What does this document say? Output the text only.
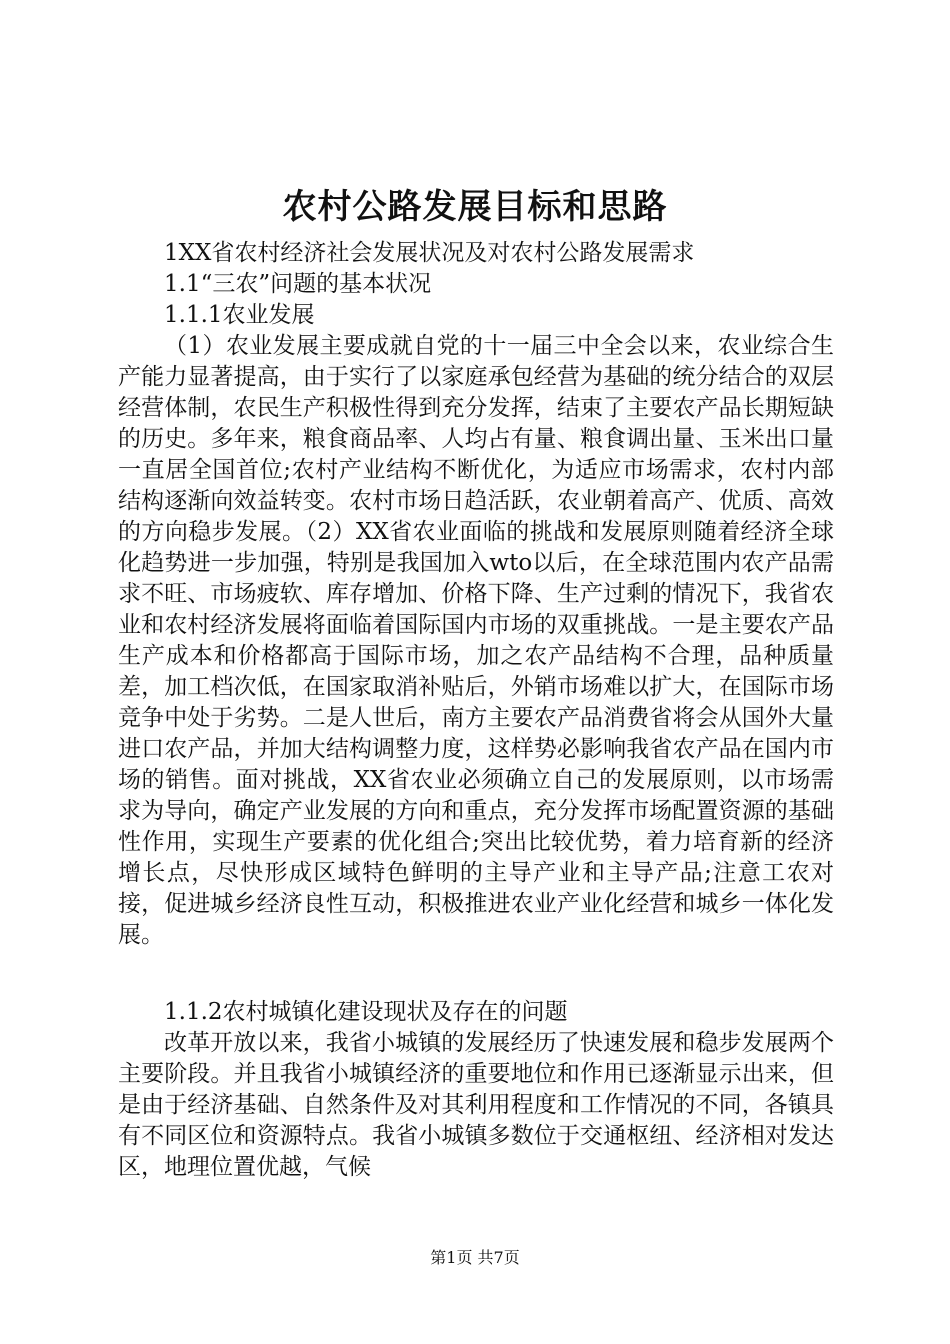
农村公路发展目标和思路
1XX省农村经济社会发展状况及对农村公路发展需求
1.1“三农”问题的基本状况
1.1.1农业发展
（1）农业发展主要成就自党的十一届三中全会以来，农业综合生产能力显著提高，由于实行了以家庭承包经营为基础的统分结合的双层经营体制，农民生产积极性得到充分发挥，结束了主要农产品长期短缺的历史。多年来，粮食商品率、人均占有量、粮食调出量、玉米出口量一直居全国首位;农村产业结构不断优化，为适应市场需求，农村内部结构逐渐向效益转变。农村市场日趋活跃，农业朝着高产、优质、高效的方向稳步发展。（2）XX省农业面临的挑战和发展原则随着经济全球化趋势进一步加强，特别是我国加入wto以后，在全球范围内农产品需求不旺、市场疲软、库存增加、价格下降、生产过剩的情况下，我省农业和农村经济发展将面临着国际国内市场的双重挑战。一是主要农产品生产成本和价格都高于国际市场，加之农产品结构不合理，品种质量差，加工档次低，在国家取消补贴后，外销市场难以扩大，在国际市场竞争中处于劣势。二是人世后，南方主要农产品消费省将会从国外大量进口农产品，并加大结构调整力度，这样势必影响我省农产品在国内市场的销售。面对挑战，XX省农业必须确立自己的发展原则，以市场需求为导向，确定产业发展的方向和重点，充分发挥市场配置资源的基础性作用，实现生产要素的优化组合;突出比较优势，着力培育新的经济增长点，尽快形成区域特色鲜明的主导产业和主导产品;注意工农对接，促进城乡经济良性互动，积极推进农业产业化经营和城乡一体化发展。
1.1.2农村城镇化建设现状及存在的问题
改革开放以来，我省小城镇的发展经历了快速发展和稳步发展两个主要阶段。并且我省小城镇经济的重要地位和作用已逐渐显示出来，但是由于经济基础、自然条件及对其利用程度和工作情况的不同，各镇具有不同区位和资源特点。我省小城镇多数位于交通枢纽、经济相对发达区，地理位置优越，气候
第1页 共7页
